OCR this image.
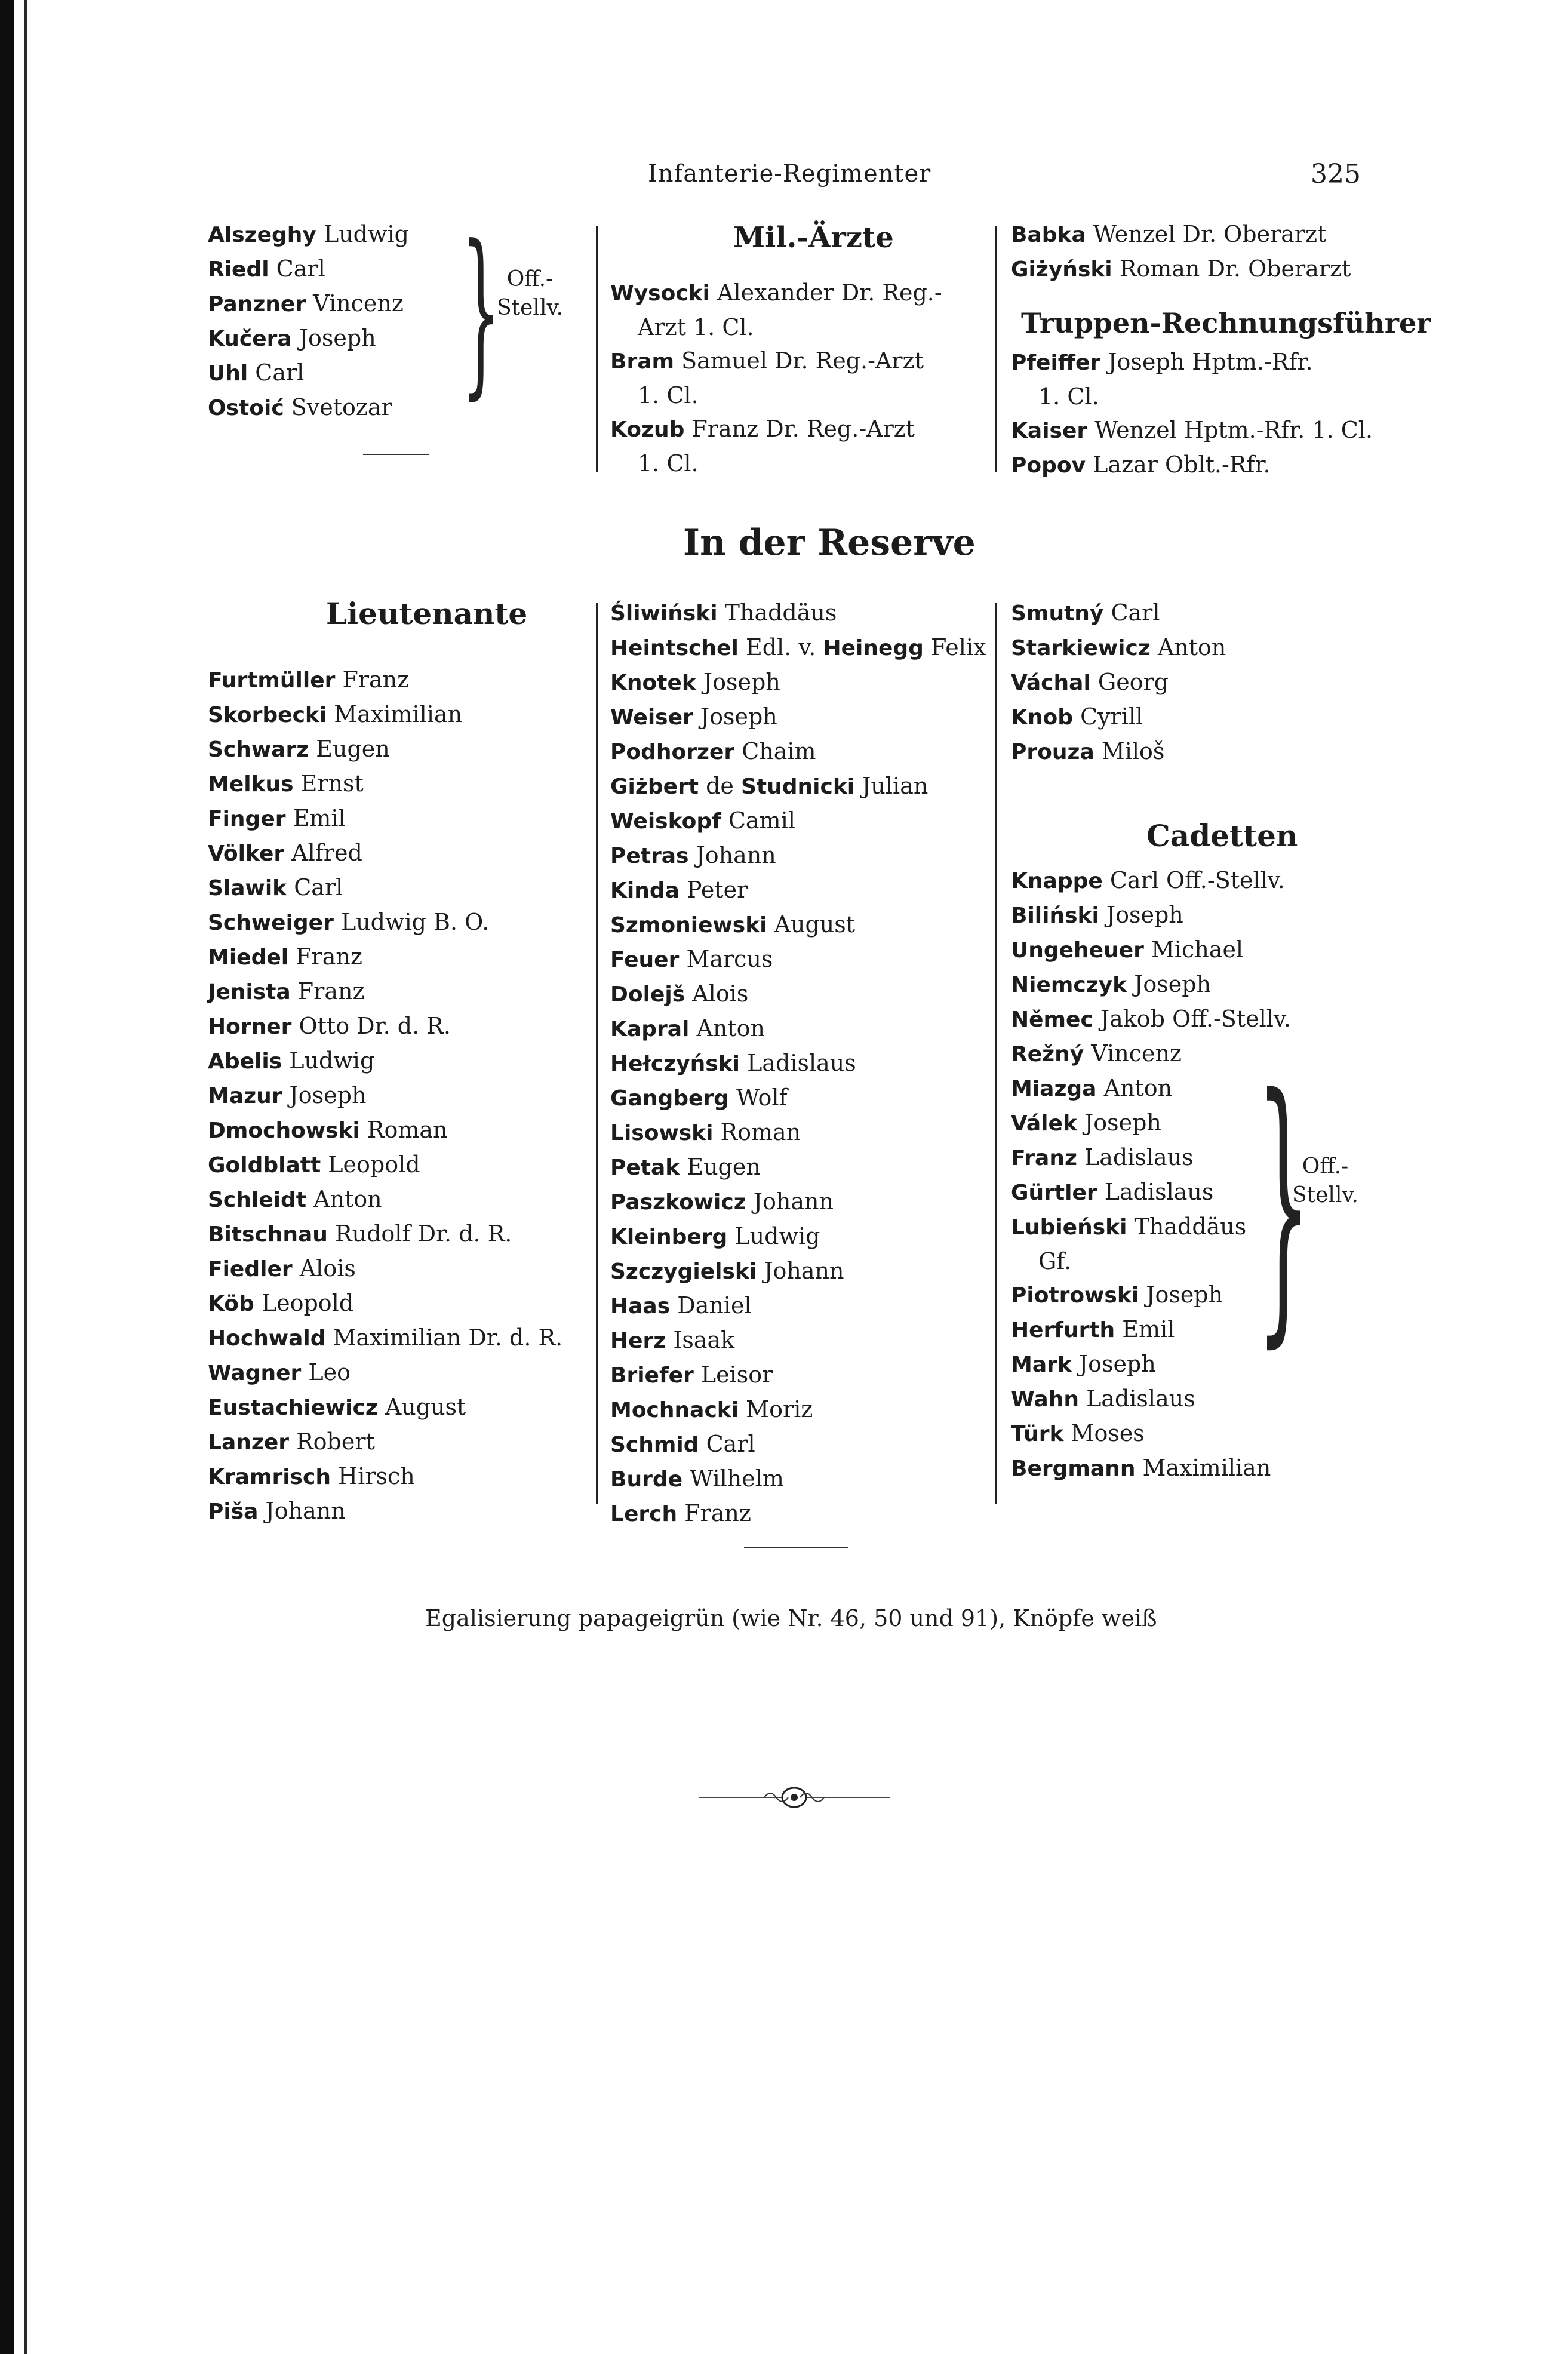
Infanterie-Regimenter	325
Alszeghy Ludwig
Riedl Carl
Panzner Vincenz
Kučera Joseph
Uhl Carl
Ostoić Svetozar } Off.-
Stellv.
Mil.-Ärzte
Wysocki Alexander Dr. Reg.-
Arzt 1. Cl.
Bram Samuel Dr. Reg.-Arzt
1. Cl.
Kozub Franz Dr. Reg.-Arzt
1. Cl.
Babka Wenzel Dr. Oberarzt
Giżyński Roman Dr. Oberarzt
Truppen-Rechnungsführer
Pfeiffer Joseph Hptm.-Rfr.
1. Cl.
Kaiser Wenzel Hptm.-Rfr. 1. Cl.
Popov Lazar Oblt.-Rfr.
In der Reserve
Lieutenante
Furtmüller Franz
Skorbecki Maximilian
Schwarz Eugen
Melkus Ernst
Finger Emil
Völker Alfred
Slawik Carl
Schweiger Ludwig B. O.
Miedel Franz
Jenista Franz
Horner Otto Dr. d. R.
Abelis Ludwig
Mazur Joseph
Dmochowski Roman
Goldblatt Leopold
Schleidt Anton
Bitschnau Rudolf Dr. d. R.
Fiedler Alois
Köb Leopold
Hochwald Maximilian Dr. d. R.
Wagner Leo
Eustachiewicz August
Lanzer Robert
Kramrisch Hirsch
Piša Johann
Śliwiński Thaddäus
Heintschel Edl. v. Heinegg Felix
Knotek Joseph
Weiser Joseph
Podhorzer Chaim
Giżbert de Studnicki Julian
Weiskopf Camil
Petras Johann
Kinda Peter
Szmoniewski August
Feuer Marcus
Dolejš Alois
Kapral Anton
Hełczyński Ladislaus
Gangberg Wolf
Lisowski Roman
Petak Eugen
Paszkowicz Johann
Kleinberg Ludwig
Szczygielski Johann
Haas Daniel
Herz Isaak
Briefer Leisor
Mochnacki Moriz
Schmid Carl
Burde Wilhelm
Lerch Franz
Smutný Carl
Starkiewicz Anton
Váchal Georg
Knob Cyrill
Prouza Miloš
Cadetten
Knappe Carl Off.-Stellv.
Biliński Joseph
Ungeheuer Michael
Niemczyk Joseph
Němec Jakob Off.-Stellv.
Režný Vincenz
Miazga Anton
Válek Joseph
Franz Ladislaus
Gürtler Ladislaus
Lubieński Thaddäus
Gf.
Piotrowski Joseph
Herfurth Emil
Mark Joseph
Wahn Ladislaus
Türk Moses
Bergmann Maximilian
}
Off.-
Stellv.
Egalisierung papageigrün (wie Nr. 46, 50 und 91), Knöpfe weiß
